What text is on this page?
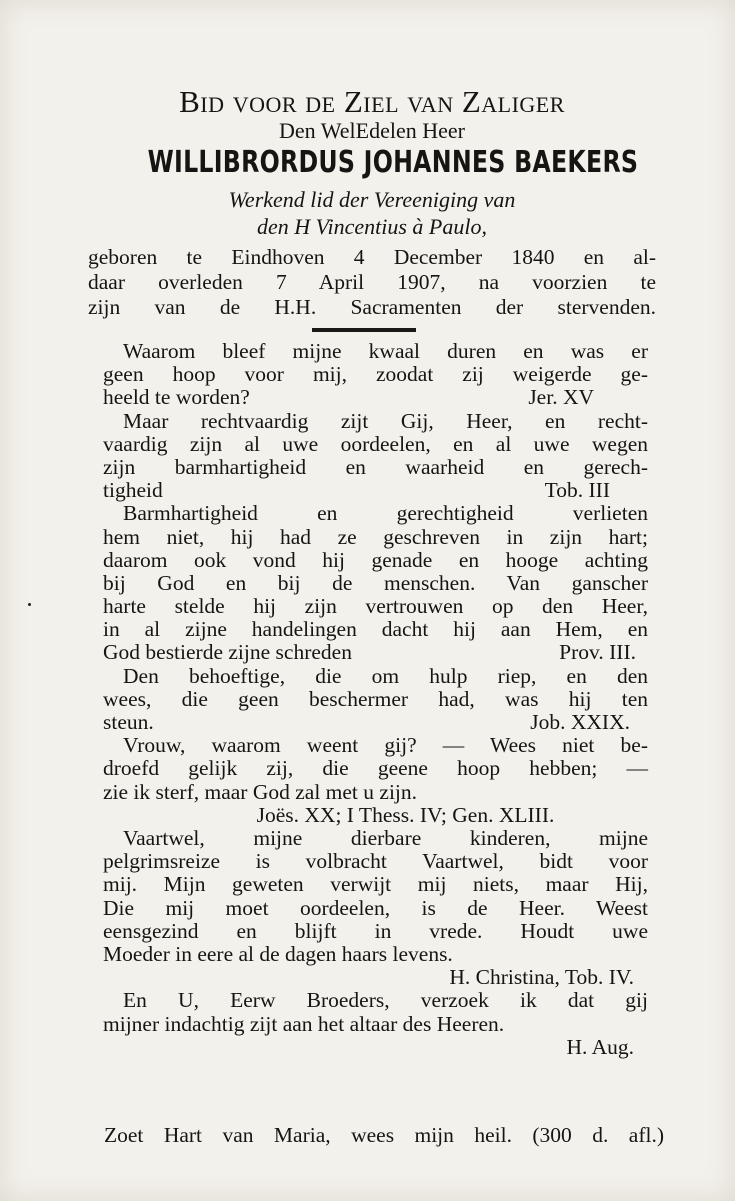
Bid voor de Ziel van Zaliger
Den WelEdelen Heer
WILLIBRORDUS JOHANNES BAEKERS
Werkend lid der Vereeniging van
den H Vincentius à Paulo,
geboren te Eindhoven 4 December 1840 en al-
daar overleden 7 April 1907, na voorzien te
zijn van de H.H. Sacramenten der stervenden.
Waarom bleef mijne kwaal duren en was er
geen hoop voor mij, zoodat zij weigerde ge-
heeld te worden?	Jer. XV
Maar rechtvaardig zijt Gij, Heer, en recht-
vaardig zijn al uwe oordeelen, en al uwe wegen
zijn barmhartigheid en waarheid en gerech-
tigheid	Tob. III
Barmhartigheid en gerechtigheid verlieten
hem niet, hij had ze geschreven in zijn hart;
daarom ook vond hij genade en hooge achting
bij God en bij de menschen. Van ganscher
harte stelde hij zijn vertrouwen op den Heer,
in al zijne handelingen dacht hij aan Hem, en
God bestierde zijne schreden	Prov. III.
Den behoeftige, die om hulp riep, en den
wees, die geen beschermer had, was hij ten
steun.	Job. XXIX.
Vrouw, waarom weent gij? — Wees niet be-
droefd gelijk zij, die geene hoop hebben; —
zie ik sterf, maar God zal met u zijn.
Joës. XX; I Thess. IV; Gen. XLIII.
Vaartwel, mijne dierbare kinderen, mijne
pelgrimsreize is volbracht Vaartwel, bidt voor
mij. Mijn geweten verwijt mij niets, maar Hij,
Die mij moet oordeelen, is de Heer. Weest
eensgezind en blijft in vrede. Houdt uwe
Moeder in eere al de dagen haars levens.
H. Christina, Tob. IV.
En U, Eerw Broeders, verzoek ik dat gij
mijner indachtig zijt aan het altaar des Heeren.
H. Aug.
Zoet Hart van Maria, wees mijn heil. (300 d. afl.)
